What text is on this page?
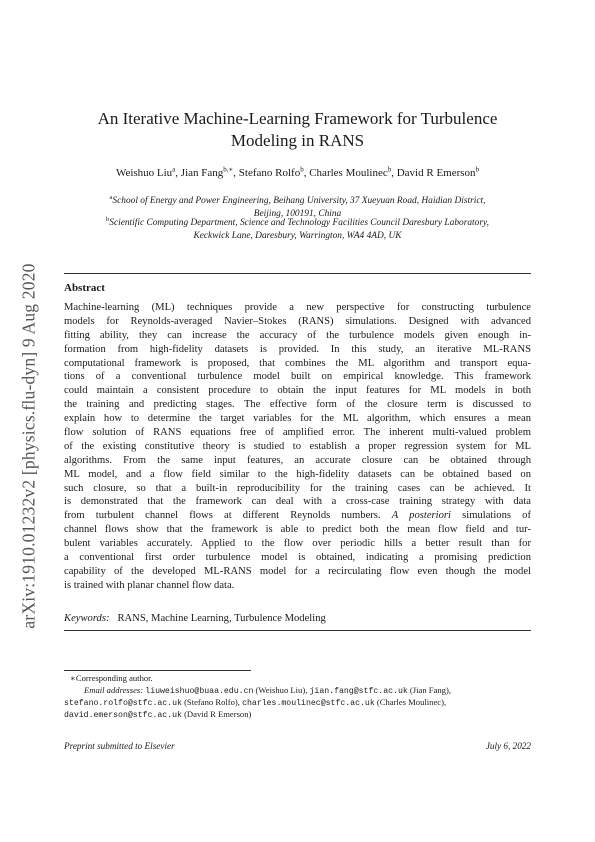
arXiv:1910.01232v2 [physics.flu-dyn] 9 Aug 2020
An Iterative Machine-Learning Framework for Turbulence
Modeling in RANS
Weishuo Liu$^a$, Jian Fang$^{b,∗}$, Stefano Rolfo$^b$, Charles Moulinec$^b$, David R Emerson$^b$
$^a$School of Energy and Power Engineering, Beihang University, 37 Xueyuan Road, Haidian District,
Beijing, 100191, China
$^b$Scientific Computing Department, Science and Technology Facilities Council Daresbury Laboratory,
Keckwick Lane, Daresbury, Warrington, WA4 4AD, UK
Abstract
Machine-learning (ML) techniques provide a new perspective for constructing turbulence
models for Reynolds-averaged Navier–Stokes (RANS) simulations. Designed with advanced
fitting ability, they can increase the accuracy of the turbulence models given enough in-
formation from high-fidelity datasets is provided. In this study, an iterative ML-RANS
computational framework is proposed, that combines the ML algorithm and transport equa-
tions of a conventional turbulence model built on empirical knowledge. This framework
could maintain a consistent procedure to obtain the input features for ML models in both
the training and predicting stages. The effective form of the closure term is discussed to
explain how to determine the target variables for the ML algorithm, which ensures a mean
flow solution of RANS equations free of amplified error. The inherent multi-valued problem
of the existing constitutive theory is studied to establish a proper regression system for ML
algorithms. From the same input features, an accurate closure can be obtained through
ML model, and a flow field similar to the high-fidelity datasets can be obtained based on
such closure, so that a built-in reproducibility for the training cases can be achieved. It
is demonstrated that the framework can deal with a cross-case training strategy with data
from turbulent channel flows at different Reynolds numbers. A posteriori simulations of
channel flows show that the framework is able to predict both the mean flow field and tur-
bulent variables accurately. Applied to the flow over periodic hills a better result than for
a conventional first order turbulence model is obtained, indicating a promising prediction
capability of the developed ML-RANS model for a recirculating flow even though the model
is trained with planar channel flow data.
Keywords: RANS, Machine Learning, Turbulence Modeling
∗Corresponding author.
Email addresses: liuweishuo@buaa.edu.cn (Weishuo Liu), jian.fang@stfc.ac.uk (Jian Fang),
stefano.rolfo@stfc.ac.uk (Stefano Rolfo), charles.moulinec@stfc.ac.uk (Charles Moulinec),
david.emerson@stfc.ac.uk (David R Emerson)
Preprint submitted to Elsevier	July 6, 2022
